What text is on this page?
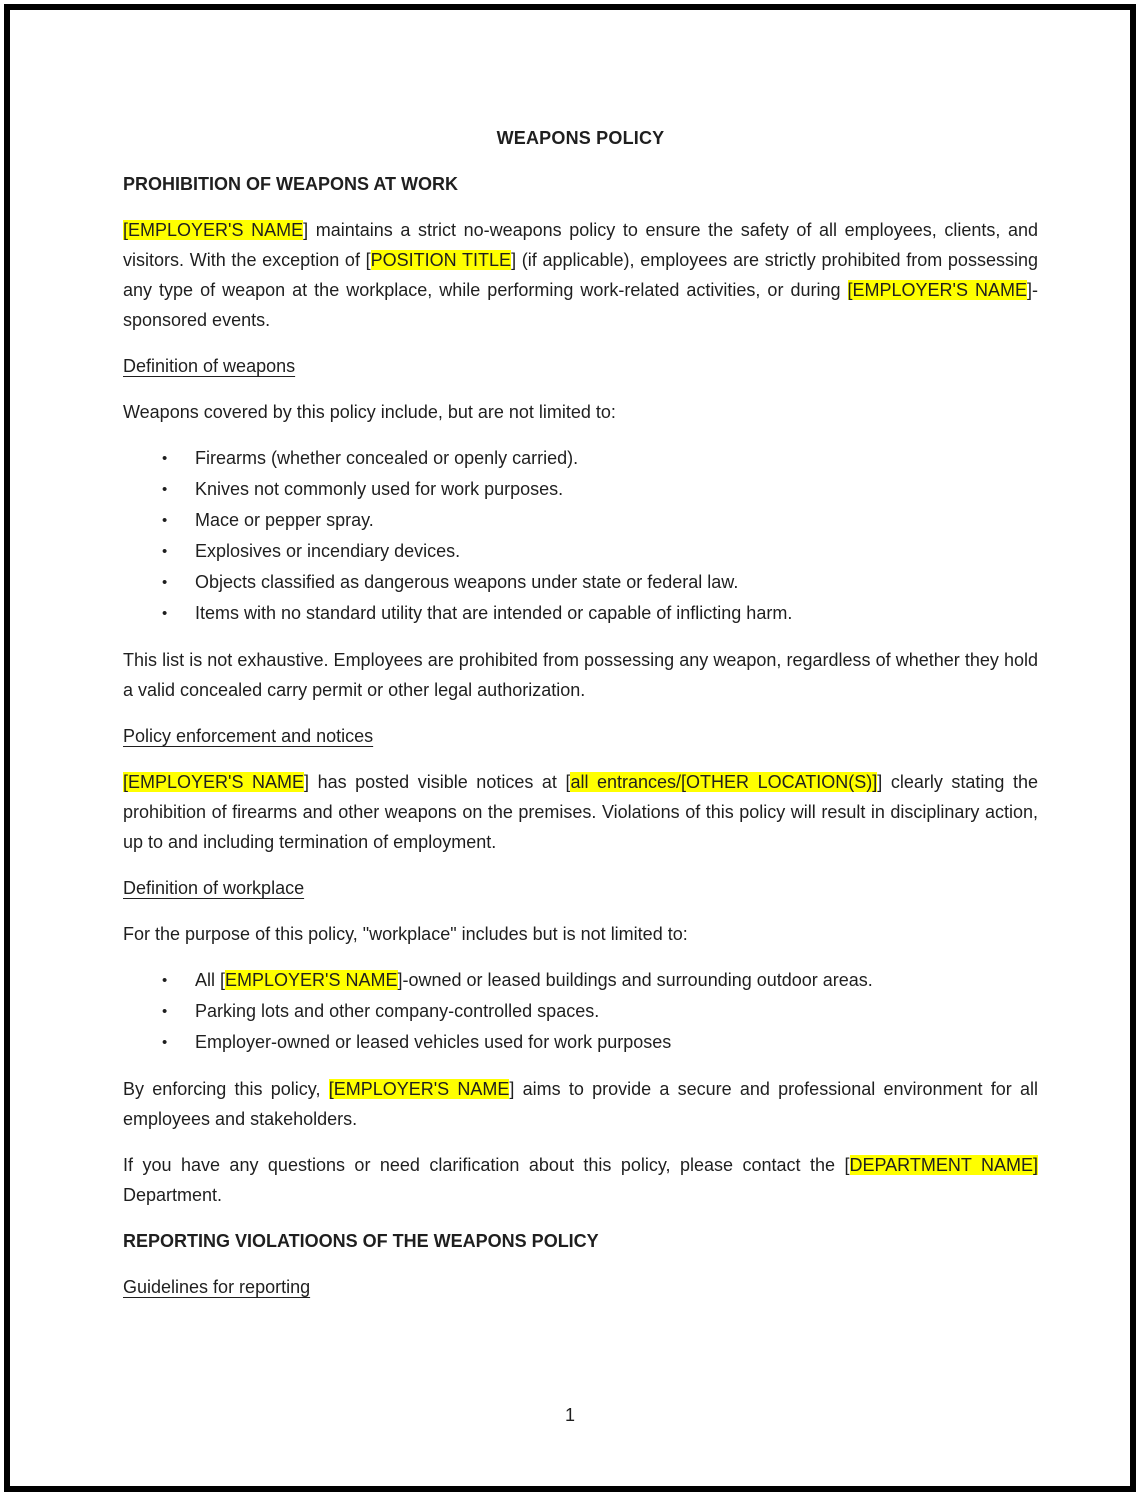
WEAPONS POLICY
PROHIBITION OF WEAPONS AT WORK
[EMPLOYER'S NAME] maintains a strict no-weapons policy to ensure the safety of all employees, clients, and visitors. With the exception of [POSITION TITLE] (if applicable), employees are strictly prohibited from possessing any type of weapon at the workplace, while performing work-related activities, or during [EMPLOYER'S NAME]-sponsored events.
Definition of weapons
Weapons covered by this policy include, but are not limited to:
•	Firearms (whether concealed or openly carried).
•	Knives not commonly used for work purposes.
•	Mace or pepper spray.
•	Explosives or incendiary devices.
•	Objects classified as dangerous weapons under state or federal law.
•	Items with no standard utility that are intended or capable of inflicting harm.
This list is not exhaustive. Employees are prohibited from possessing any weapon, regardless of whether they hold a valid concealed carry permit or other legal authorization.
Policy enforcement and notices
[EMPLOYER'S NAME] has posted visible notices at [all entrances/[OTHER LOCATION(S)]] clearly stating the prohibition of firearms and other weapons on the premises. Violations of this policy will result in disciplinary action, up to and including termination of employment.
Definition of workplace
For the purpose of this policy, "workplace" includes but is not limited to:
•	All [EMPLOYER'S NAME]-owned or leased buildings and surrounding outdoor areas.
•	Parking lots and other company-controlled spaces.
•	Employer-owned or leased vehicles used for work purposes
By enforcing this policy, [EMPLOYER'S NAME] aims to provide a secure and professional environment for all employees and stakeholders.
If you have any questions or need clarification about this policy, please contact the [DEPARTMENT NAME] Department.
REPORTING VIOLATIOONS OF THE WEAPONS POLICY
Guidelines for reporting
1
